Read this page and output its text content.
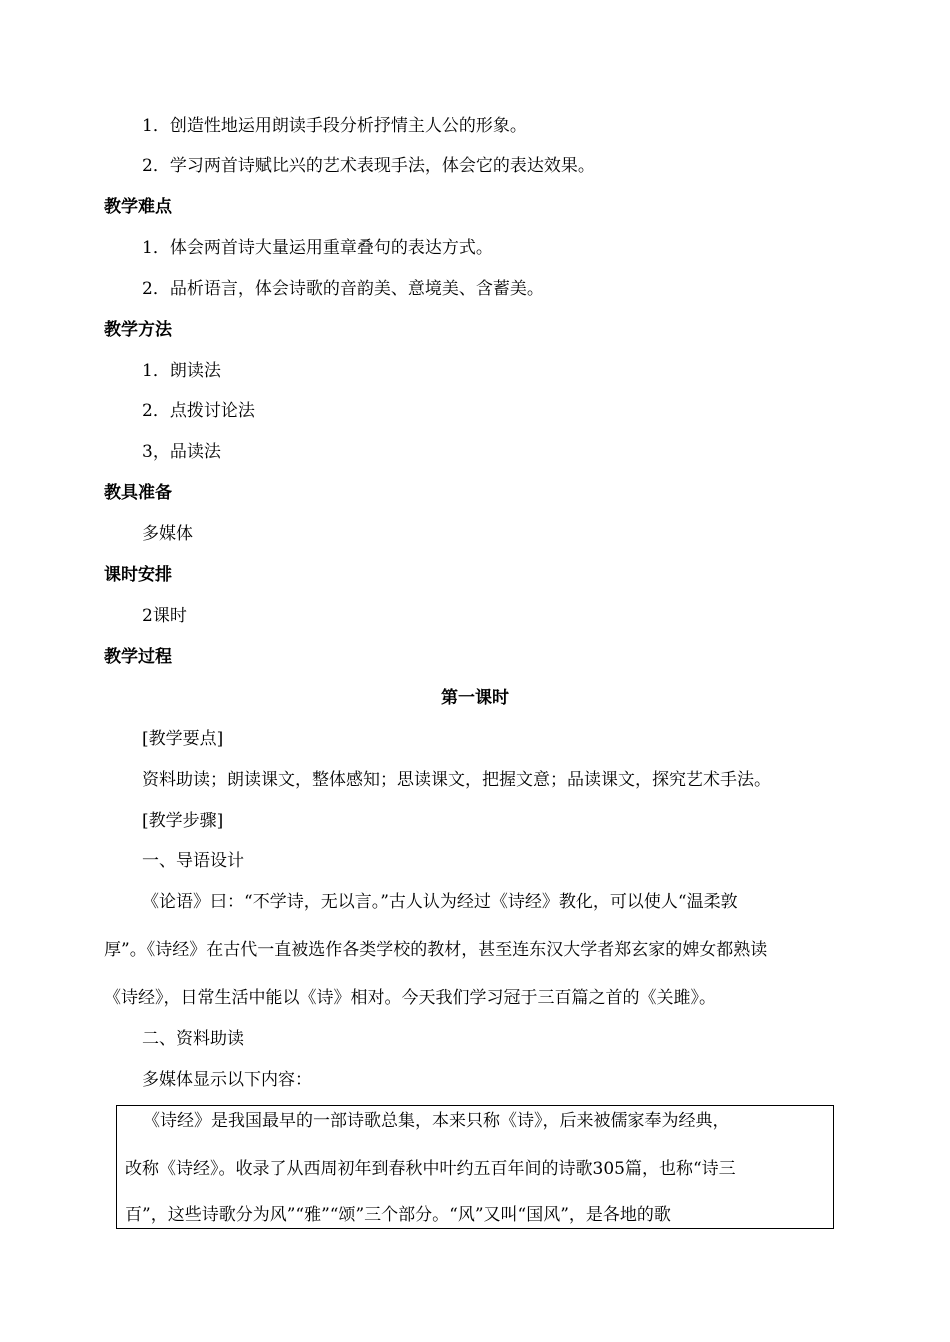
1．创造性地运用朗读手段分析抒情主人公的形象。
2．学习两首诗赋比兴的艺术表现手法，体会它的表达效果。
教学难点
1．体会两首诗大量运用重章叠句的表达方式。
2．品析语言，体会诗歌的音韵美、意境美、含蓄美。
教学方法
1．朗读法
2．点拨讨论法
3，品读法
教具准备
多媒体
课时安排
2课时
教学过程
第一课时
[教学要点]
资料助读；朗读课文，整体感知；思读课文，把握文意；品读课文，探究艺术手法。
[教学步骤]
一、导语设计
《论语》曰：“不学诗，无以言。”古人认为经过《诗经》教化，可以使人“温柔敦
厚”。《诗经》在古代一直被选作各类学校的教材，甚至连东汉大学者郑玄家的婢女都熟读
《诗经》，日常生活中能以《诗》相对。今天我们学习冠于三百篇之首的《关雎》。
二、资料助读
多媒体显示以下内容：
《诗经》是我国最早的一部诗歌总集，本来只称《诗》，后来被儒家奉为经典，
改称《诗经》。收录了从西周初年到春秋中叶约五百年间的诗歌305篇，也称“诗三
百”，这些诗歌分为风”“雅”“颂”三个部分。“风”又叫“国风”，是各地的歌
